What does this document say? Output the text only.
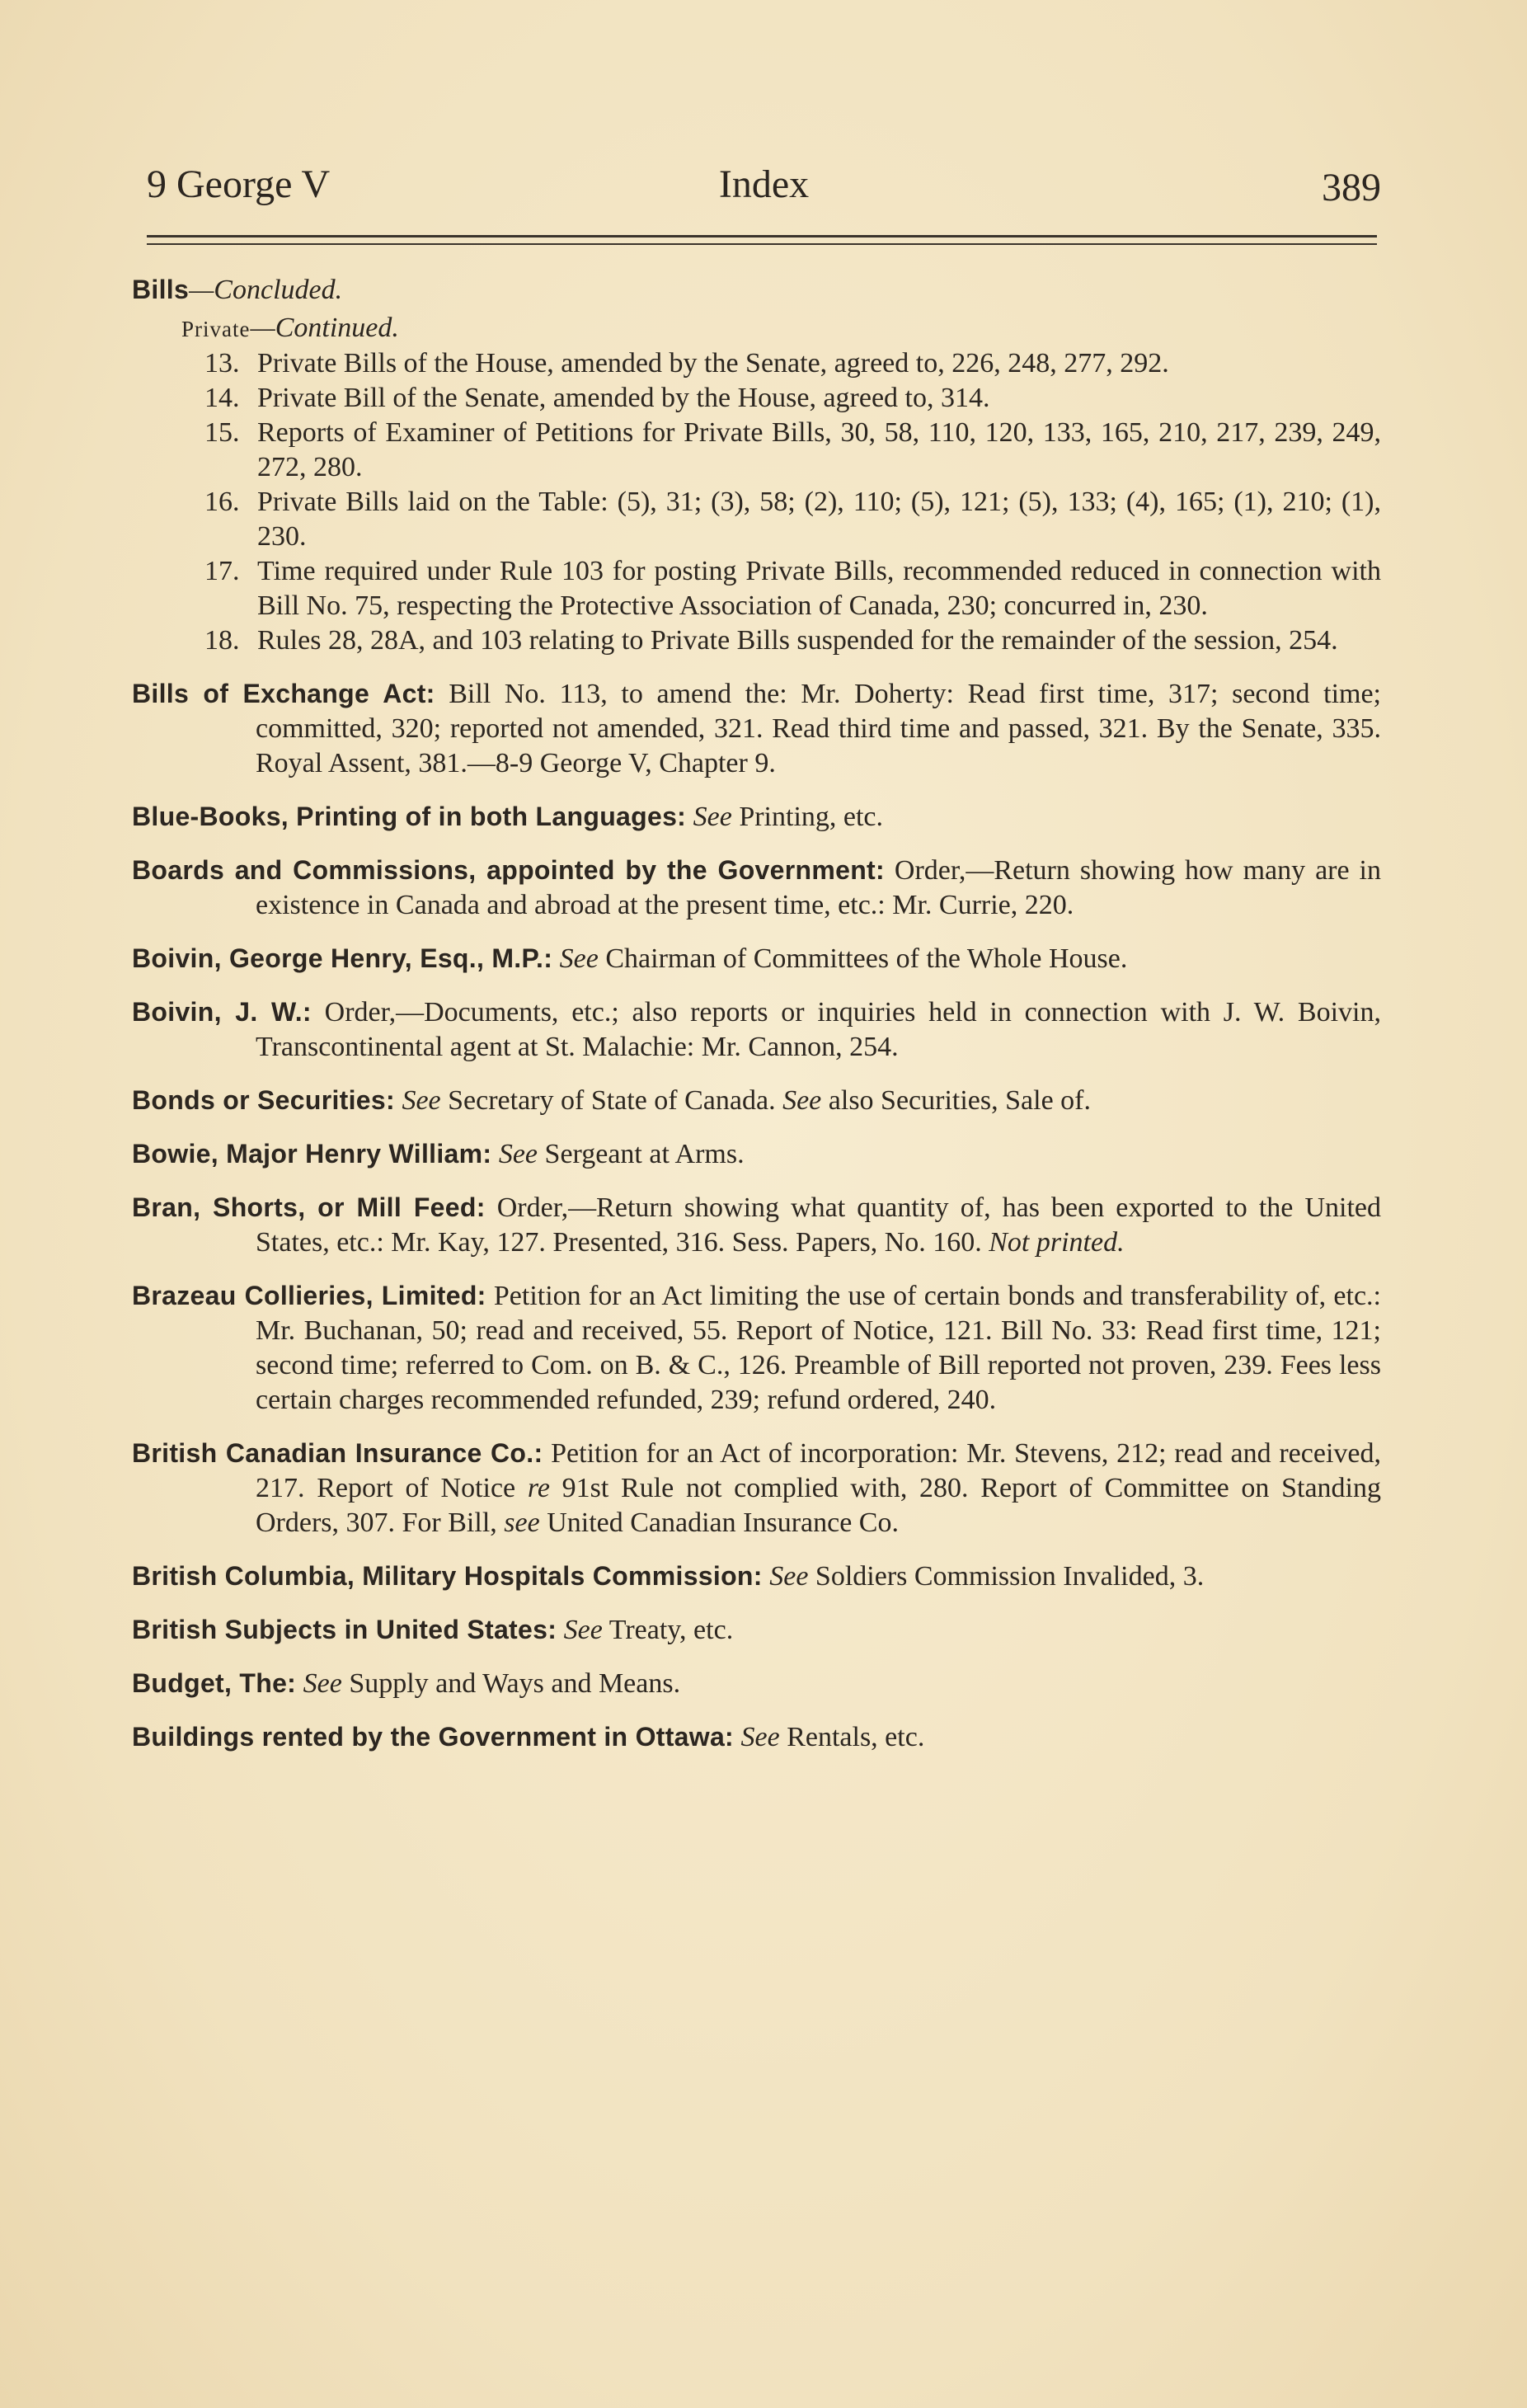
9 George V	Index	389
Bills—Concluded.
Private—Continued.
13. Private Bills of the House, amended by the Senate, agreed to, 226, 248, 277, 292.
14. Private Bill of the Senate, amended by the House, agreed to, 314.
15. Reports of Examiner of Petitions for Private Bills, 30, 58, 110, 120, 133, 165, 210, 217, 239, 249, 272, 280.
16. Private Bills laid on the Table: (5), 31; (3), 58; (2), 110; (5), 121; (5), 133; (4), 165; (1), 210; (1), 230.
17. Time required under Rule 103 for posting Private Bills, recommended reduced in connection with Bill No. 75, respecting the Protective Association of Canada, 230; concurred in, 230.
18. Rules 28, 28A, and 103 relating to Private Bills suspended for the remainder of the session, 254.
Bills of Exchange Act: Bill No. 113, to amend the: Mr. Doherty: Read first time, 317; second time; committed, 320; reported not amended, 321. Read third time and passed, 321. By the Senate, 335. Royal Assent, 381.—8-9 George V, Chapter 9.
Blue-Books, Printing of in both Languages: See Printing, etc.
Boards and Commissions, appointed by the Government: Order,—Return showing how many are in existence in Canada and abroad at the present time, etc.: Mr. Currie, 220.
Boivin, George Henry, Esq., M.P.: See Chairman of Committees of the Whole House.
Boivin, J. W.: Order,—Documents, etc.; also reports or inquiries held in connection with J. W. Boivin, Transcontinental agent at St. Malachie: Mr. Cannon, 254.
Bonds or Securities: See Secretary of State of Canada. See also Securities, Sale of.
Bowie, Major Henry William: See Sergeant at Arms.
Bran, Shorts, or Mill Feed: Order,—Return showing what quantity of, has been exported to the United States, etc.: Mr. Kay, 127. Presented, 316. Sess. Papers, No. 160. Not printed.
Brazeau Collieries, Limited: Petition for an Act limiting the use of certain bonds and transferability of, etc.: Mr. Buchanan, 50; read and received, 55. Report of Notice, 121. Bill No. 33: Read first time, 121; second time; referred to Com. on B. & C., 126. Preamble of Bill reported not proven, 239. Fees less certain charges recommended refunded, 239; refund ordered, 240.
British Canadian Insurance Co.: Petition for an Act of incorporation: Mr. Stevens, 212; read and received, 217. Report of Notice re 91st Rule not complied with, 280. Report of Committee on Standing Orders, 307. For Bill, see United Canadian Insurance Co.
British Columbia, Military Hospitals Commission: See Soldiers Commission Invalided, 3.
British Subjects in United States: See Treaty, etc.
Budget, The: See Supply and Ways and Means.
Buildings rented by the Government in Ottawa: See Rentals, etc.
